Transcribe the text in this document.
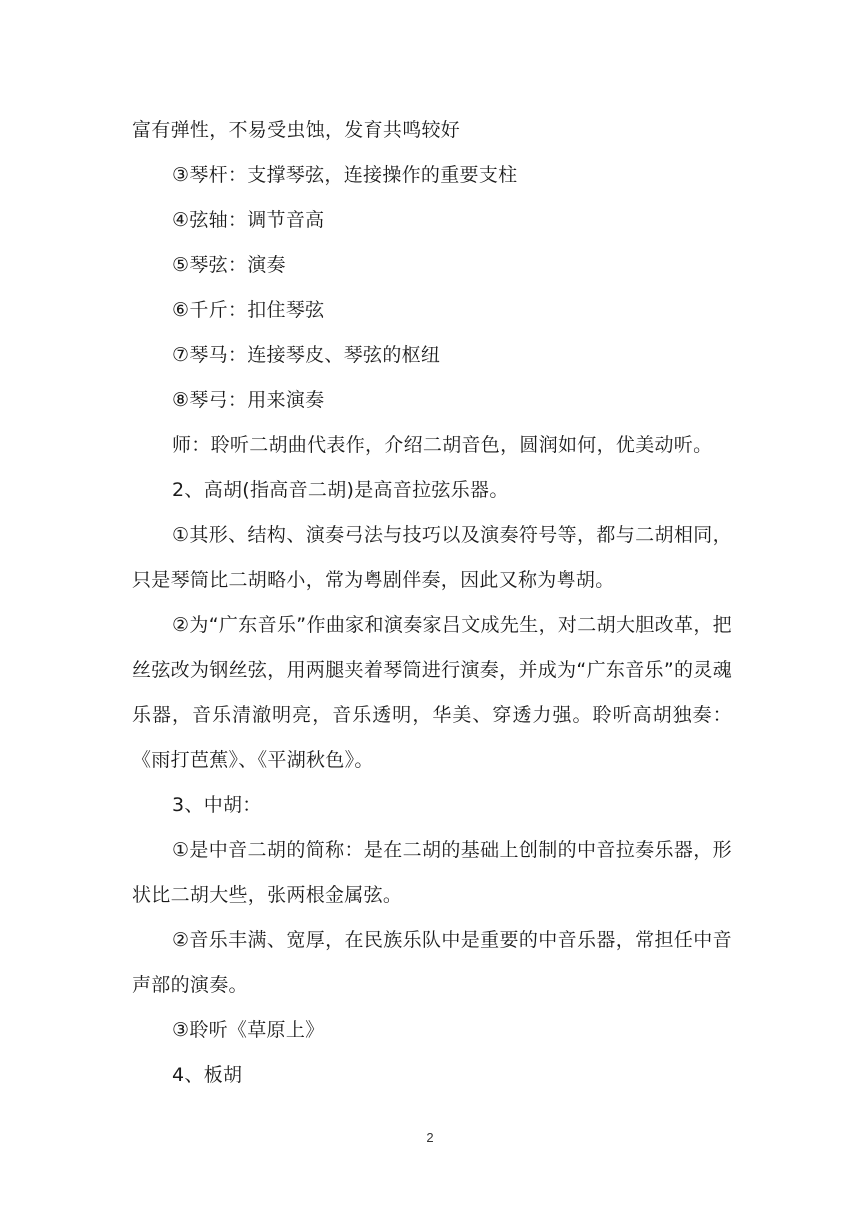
富有弹性，不易受虫蚀，发育共鸣较好

③琴杆：支撑琴弦，连接操作的重要支柱

④弦轴：调节音高

⑤琴弦：演奏

⑥千斤：扣住琴弦

⑦琴马：连接琴皮、琴弦的枢纽

⑧琴弓：用来演奏

师：聆听二胡曲代表作，介绍二胡音色，圆润如何，优美动听。

2、高胡(指高音二胡)是高音拉弦乐器。

①其形、结构、演奏弓法与技巧以及演奏符号等，都与二胡相同，只是琴筒比二胡略小，常为粤剧伴奏，因此又称为粤胡。

②为“广东音乐”作曲家和演奏家吕文成先生，对二胡大胆改革，把丝弦改为钢丝弦，用两腿夹着琴筒进行演奏，并成为“广东音乐”的灵魂乐器，音乐清澈明亮，音乐透明，华美、穿透力强。聆听高胡独奏：《雨打芭蕉》、《平湖秋色》。

3、中胡：

①是中音二胡的简称：是在二胡的基础上创制的中音拉奏乐器，形状比二胡大些，张两根金属弦。

②音乐丰满、宽厚，在民族乐队中是重要的中音乐器，常担任中音声部的演奏。

③聆听《草原上》

4、板胡

2
